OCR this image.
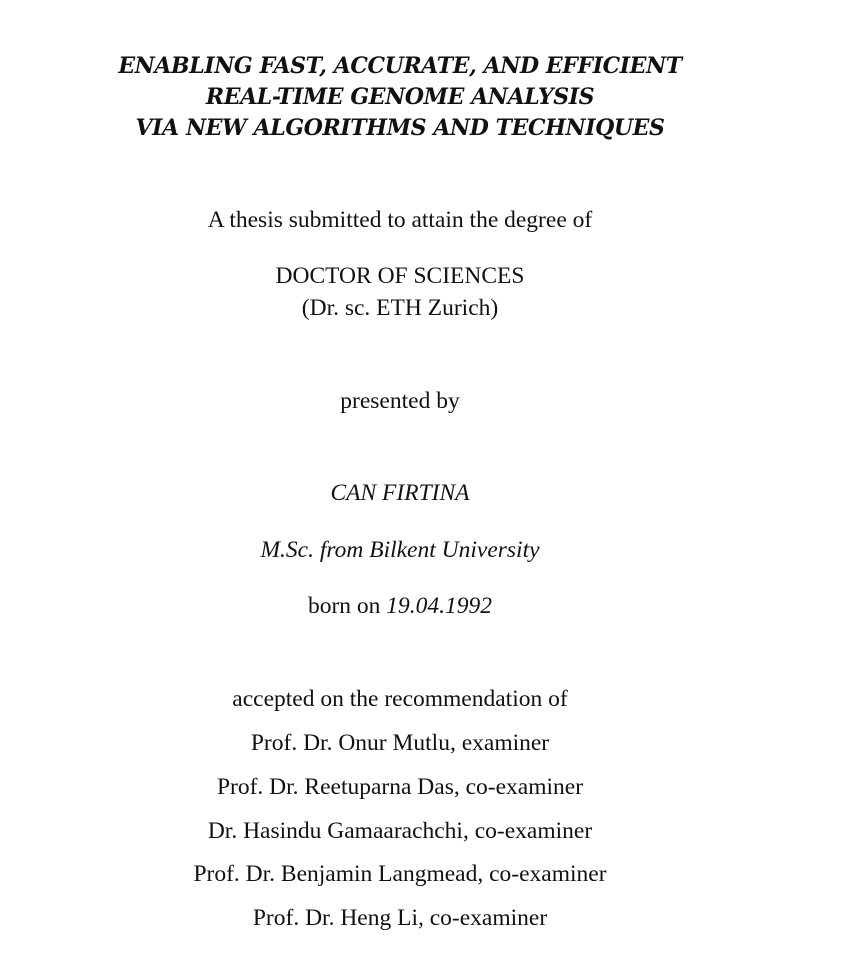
ENABLING FAST, ACCURATE, AND EFFICIENT
REAL-TIME GENOME ANALYSIS
VIA NEW ALGORITHMS AND TECHNIQUES
A thesis submitted to attain the degree of
DOCTOR OF SCIENCES
(Dr. sc. ETH Zurich)
presented by
CAN FIRTINA
M.Sc. from Bilkent University
born on 19.04.1992
accepted on the recommendation of
Prof. Dr. Onur Mutlu, examiner
Prof. Dr. Reetuparna Das, co-examiner
Dr. Hasindu Gamaarachchi, co-examiner
Prof. Dr. Benjamin Langmead, co-examiner
Prof. Dr. Heng Li, co-examiner
